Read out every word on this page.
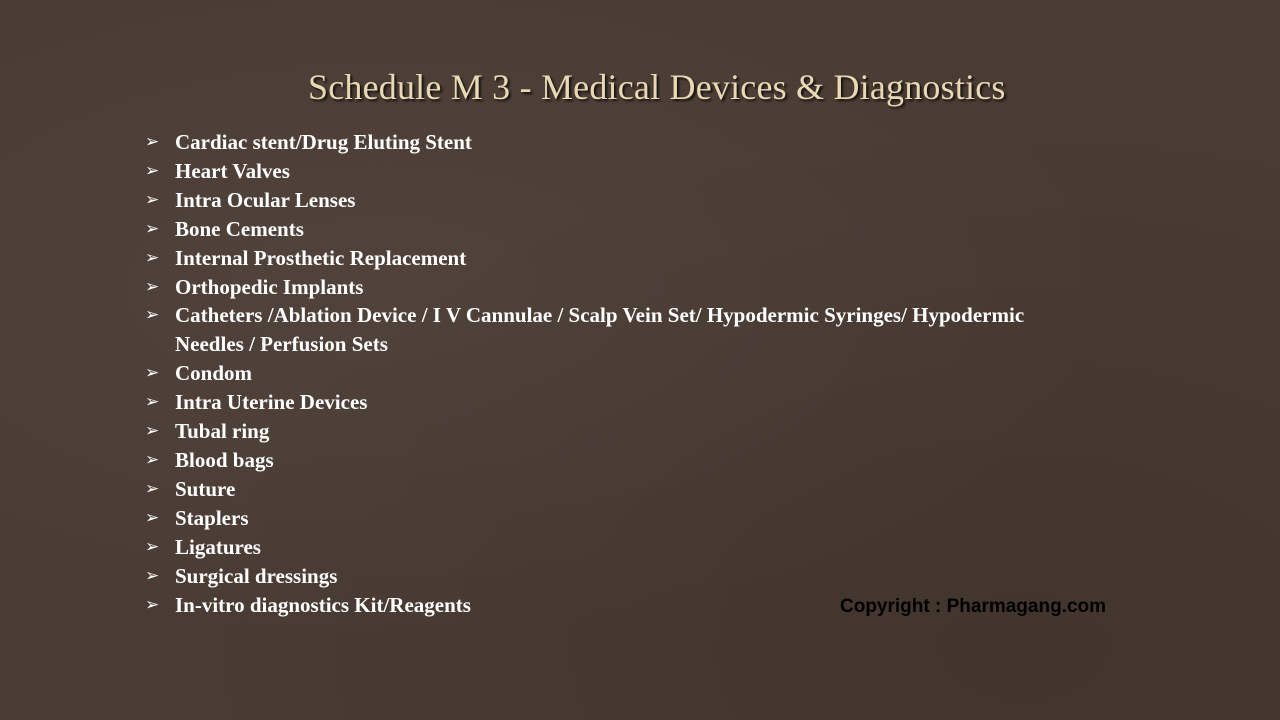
Schedule M 3 - Medical Devices & Diagnostics
➢ Cardiac stent/Drug Eluting Stent
➢ Heart Valves
➢ Intra Ocular Lenses
➢ Bone Cements
➢ Internal Prosthetic Replacement
➢ Orthopedic Implants
➢ Catheters /Ablation Device / I V Cannulae / Scalp Vein Set/ Hypodermic Syringes/ Hypodermic Needles / Perfusion Sets
➢ Condom
➢ Intra Uterine Devices
➢ Tubal ring
➢ Blood bags
➢ Suture
➢ Staplers
➢ Ligatures
➢ Surgical dressings
➢ In-vitro diagnostics Kit/Reagents	Copyright : Pharmagang.com
